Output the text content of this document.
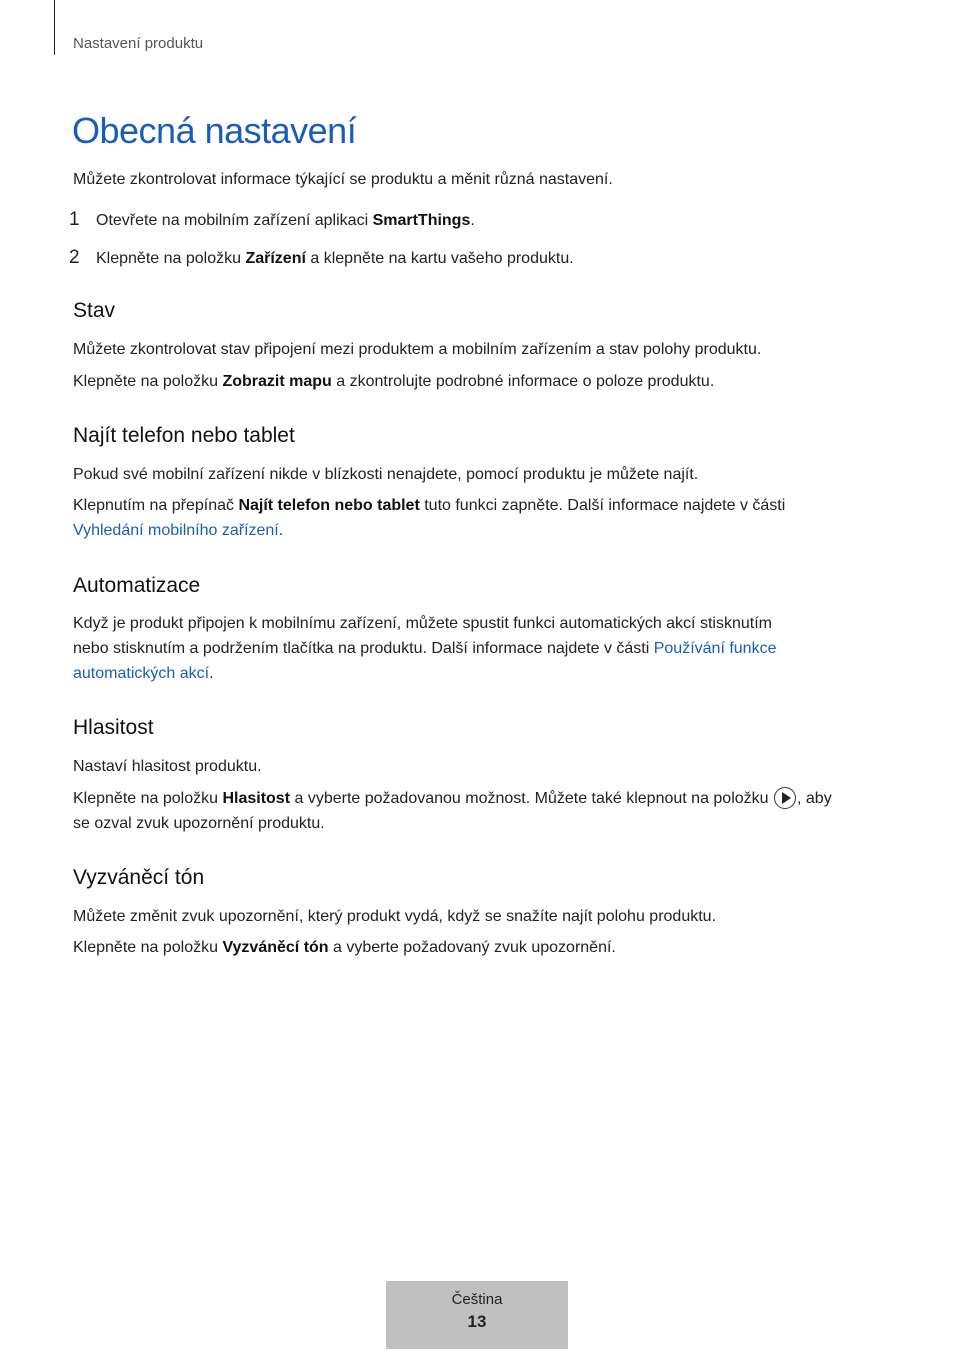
Nastavení produktu
Obecná nastavení

Můžete zkontrolovat informace týkající se produktu a měnit různá nastavení.

1 Otevřete na mobilním zařízení aplikaci SmartThings.
2 Klepněte na položku Zařízení a klepněte na kartu vašeho produktu.
Stav

Můžete zkontrolovat stav připojení mezi produktem a mobilním zařízením a stav polohy produktu.

Klepněte na položku Zobrazit mapu a zkontrolujte podrobné informace o poloze produktu.

Najít telefon nebo tablet

Pokud své mobilní zařízení nikde v blízkosti nenajdete, pomocí produktu je můžete najít.

Klepnutím na přepínač Najít telefon nebo tablet tuto funkci zapněte. Další informace najdete v části
Vyhledání mobilního zařízení.

Automatizace

Když je produkt připojen k mobilnímu zařízení, můžete spustit funkci automatických akcí stisknutím
nebo stisknutím a podržením tlačítka na produktu. Další informace najdete v části Používání funkce
automatických akcí.

Hlasitost

Nastaví hlasitost produktu.

Klepněte na položku Hlasitost a vyberte požadovanou možnost. Můžete také klepnout na položku , aby
se ozval zvuk upozornění produktu.

Vyzváněcí tón

Můžete změnit zvuk upozornění, který produkt vydá, když se snažíte najít polohu produktu.

Klepněte na položku Vyzváněcí tón a vyberte požadovaný zvuk upozornění.

Čeština
13
